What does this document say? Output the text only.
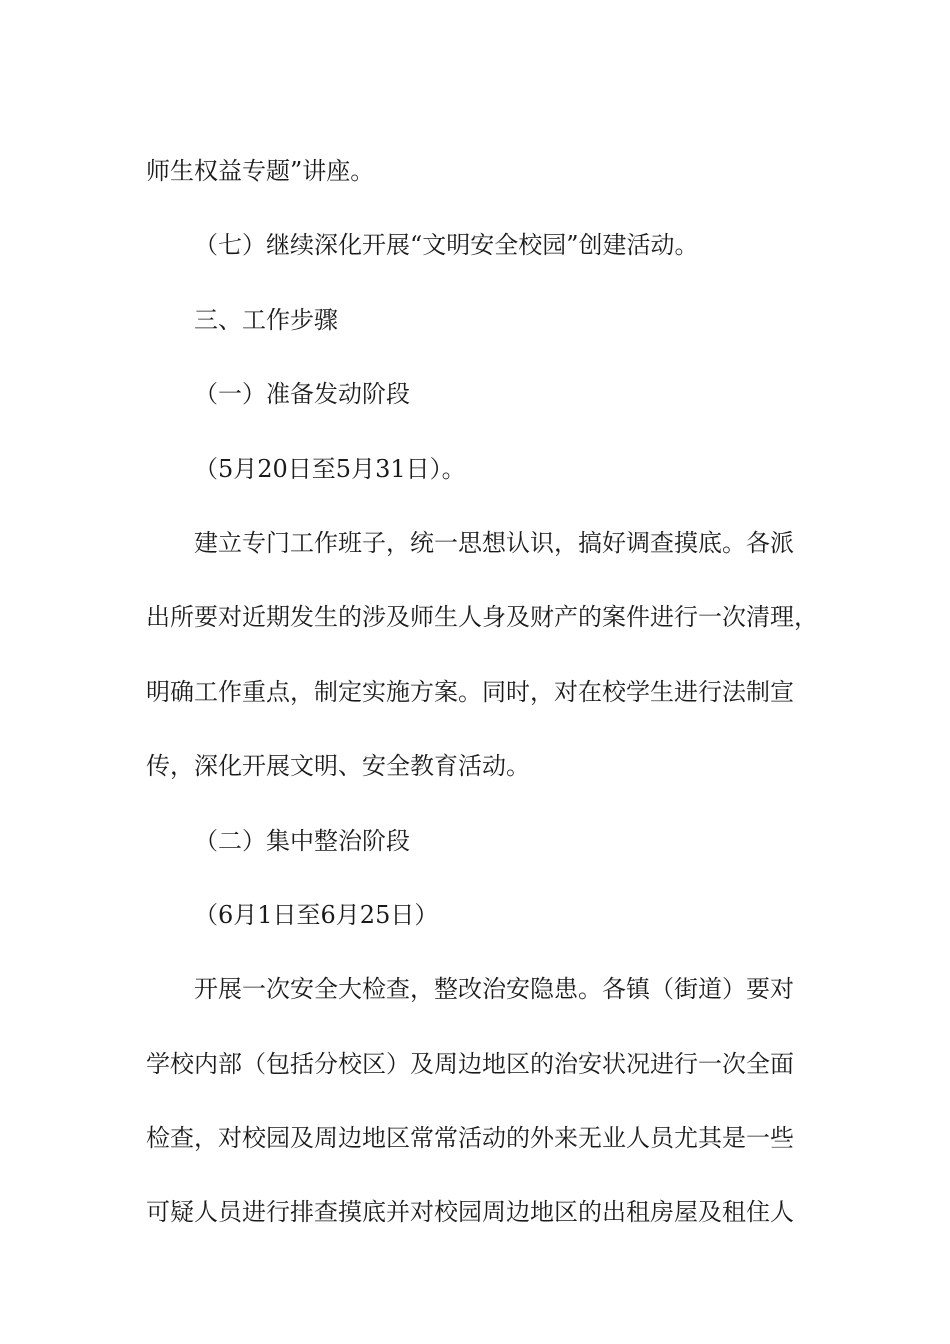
师生权益专题”讲座。

（七）继续深化开展“文明安全校园”创建活动。

三、工作步骤

（一）准备发动阶段

（5月20日至5月31日）。

建立专门工作班子，统一思想认识，搞好调查摸底。各派

出所要对近期发生的涉及师生人身及财产的案件进行一次清理，

明确工作重点，制定实施方案。同时，对在校学生进行法制宣

传，深化开展文明、安全教育活动。

（二）集中整治阶段

（6月1日至6月25日）

开展一次安全大检查，整改治安隐患。各镇（街道）要对

学校内部（包括分校区）及周边地区的治安状况进行一次全面

检查，对校园及周边地区常常活动的外来无业人员尤其是一些

可疑人员进行排查摸底并对校园周边地区的出租房屋及租住人
